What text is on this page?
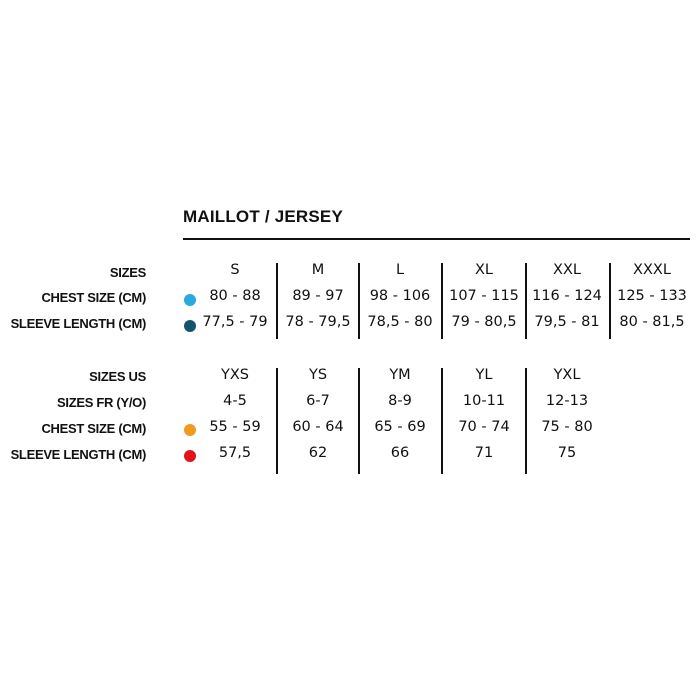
MAILLOT / JERSEY
SIZES
CHEST SIZE (CM)
SLEEVE LENGTH (CM)
S
80 - 88
77,5 - 79
M
89 - 97
78 - 79,5
L
98 - 106
78,5 - 80
XL
107 - 115
79 - 80,5
XXL
116 - 124
79,5 - 81
XXXL
125 - 133
80 - 81,5
SIZES US
SIZES FR (Y/O)
CHEST SIZE (CM)
SLEEVE LENGTH (CM)
YXS
4-5
55 - 59
57,5
YS
6-7
60 - 64
62
YM
8-9
65 - 69
66
YL
10-11
70 - 74
71
YXL
12-13
75 - 80
75
